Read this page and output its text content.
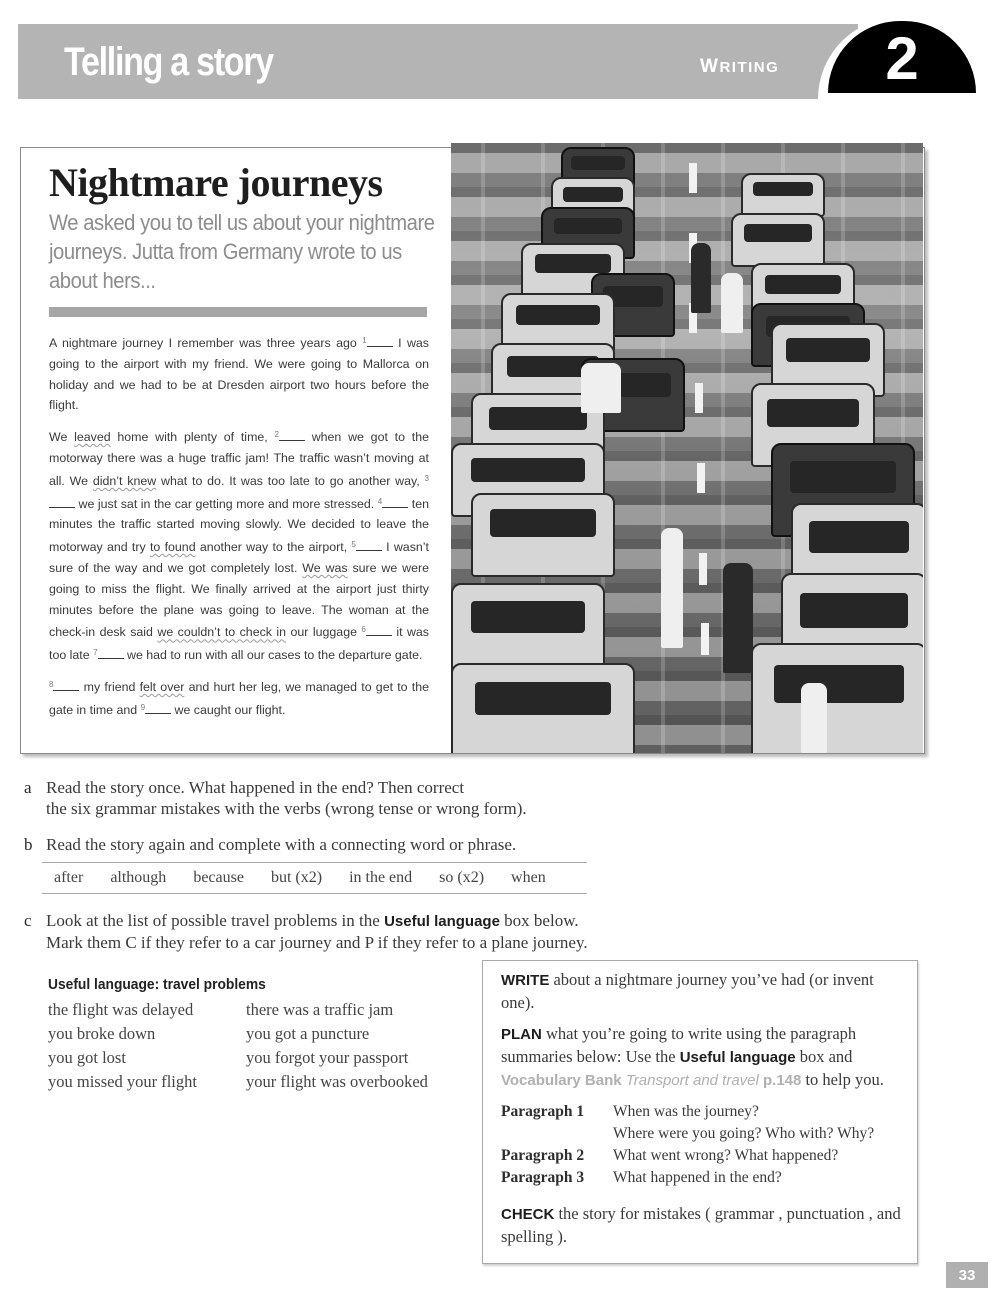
Telling a story	WRITING 2
Nightmare journeys
We asked you to tell us about your nightmare journeys. Jutta from Germany wrote to us about hers...

A nightmare journey I remember was three years ago $^1$ I was going to the airport with my friend. We were going to Mallorca on holiday and we had to be at Dresden airport two hours before the flight.

We leaved home with plenty of time, $^2$ when we got to the motorway there was a huge traffic jam! The traffic wasn’t moving at all. We didn’t knew what to do. It was too late to go another way, $^3$ we just sat in the car getting more and more stressed. $^4$ ten minutes the traffic started moving slowly. We decided to leave the motorway and try to found another way to the airport, $^5$ I wasn’t sure of the way and we got completely lost. We was sure we were going to miss the flight. We finally arrived at the airport just thirty minutes before the plane was going to leave. The woman at the check-in desk said we couldn’t to check in our luggage $^6$ it was too late $^7$ we had to run with all our cases to the departure gate.

$^8$ my friend felt over and hurt her leg, we managed to get to the gate in time and $^9$ we caught our flight.

a Read the story once. What happened in the end? Then correct
the six grammar mistakes with the verbs (wrong tense or wrong form).
b Read the story again and complete with a connecting word or phrase.
after although because but (x2) in the end so (x2) when
c Look at the list of possible travel problems in the Useful language box below.
Mark them C if they refer to a car journey and P if they refer to a plane journey.
Useful language: travel problems
the flight was delayed	there was a traffic jam
you broke down	you got a puncture
you got lost	you forgot your passport
you missed your flight	your flight was overbooked

WRITE about a nightmare journey you’ve had (or invent one).

PLAN what you’re going to write using the paragraph summaries below: Use the Useful language box and Vocabulary Bank Transport and travel p.148 to help you.

Paragraph 1	When was the journey?
Where were you going? Who with? Why?
Paragraph 2	What went wrong? What happened?
Paragraph 3	What happened in the end?

CHECK the story for mistakes ( grammar , punctuation , and spelling ).

33
